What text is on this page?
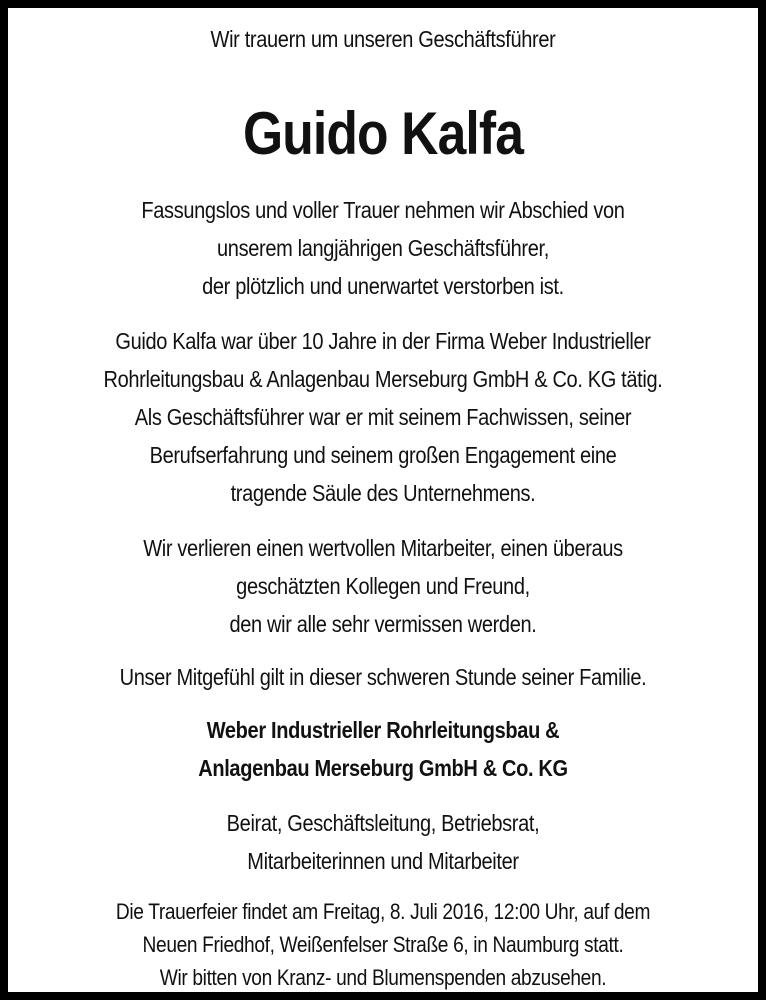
Wir trauern um unseren Geschäftsführer
Guido Kalfa
Fassungslos und voller Trauer nehmen wir Abschied von
unserem langjährigen Geschäftsführer,
der plötzlich und unerwartet verstorben ist.
Guido Kalfa war über 10 Jahre in der Firma Weber Industrieller
Rohrleitungsbau & Anlagenbau Merseburg GmbH & Co. KG tätig.
Als Geschäftsführer war er mit seinem Fachwissen, seiner
Berufserfahrung und seinem großen Engagement eine
tragende Säule des Unternehmens.
Wir verlieren einen wertvollen Mitarbeiter, einen überaus
geschätzten Kollegen und Freund,
den wir alle sehr vermissen werden.
Unser Mitgefühl gilt in dieser schweren Stunde seiner Familie.
Weber Industrieller Rohrleitungsbau &
Anlagenbau Merseburg GmbH & Co. KG
Beirat, Geschäftsleitung, Betriebsrat,
Mitarbeiterinnen und Mitarbeiter
Die Trauerfeier findet am Freitag, 8. Juli 2016, 12:00 Uhr, auf dem
Neuen Friedhof, Weißenfelser Straße 6, in Naumburg statt.
Wir bitten von Kranz- und Blumenspenden abzusehen.
